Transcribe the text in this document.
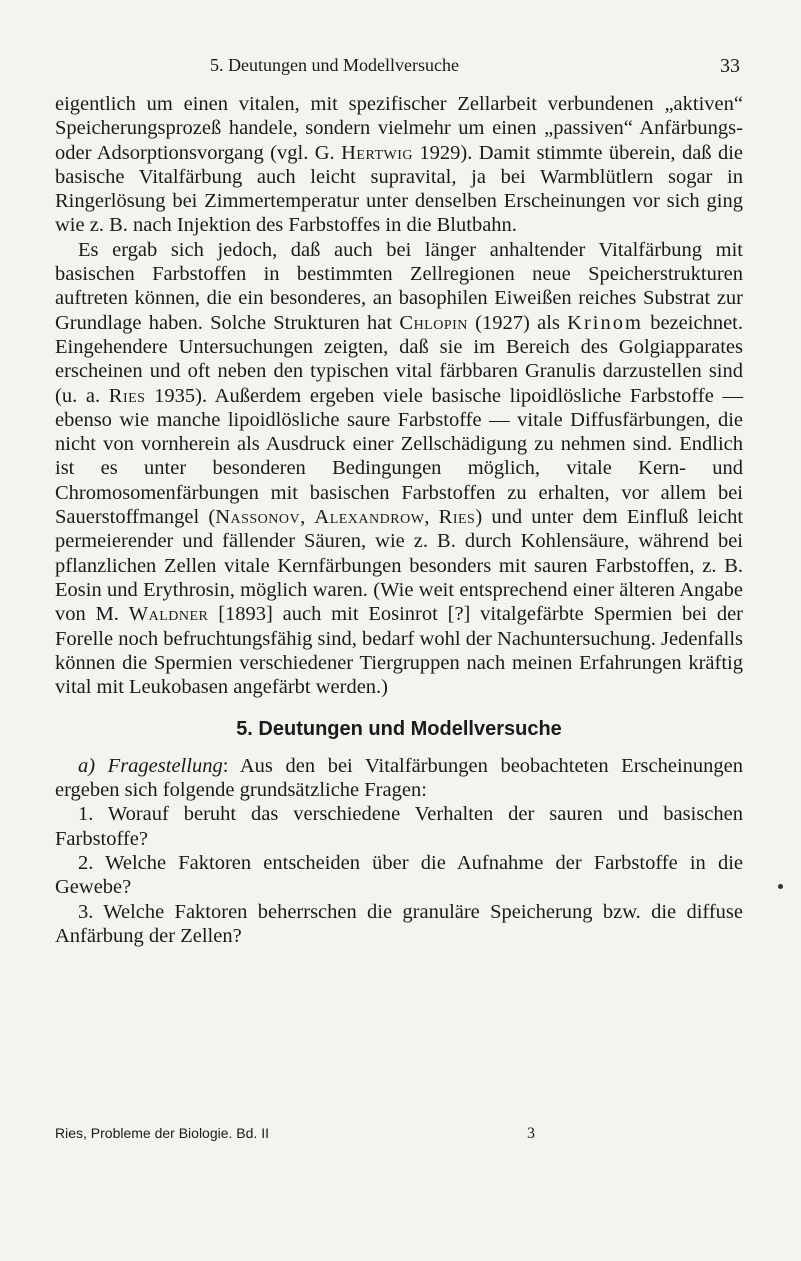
5. Deutungen und Modellversuche	33

eigentlich um einen vitalen, mit spezifischer Zellarbeit verbundenen „aktiven“ Speicherungsprozeß handele, sondern vielmehr um einen „passiven“ Anfärbungs- oder Adsorptionsvorgang (vgl. G. Hertwig 1929). Damit stimmte überein, daß die basische Vitalfärbung auch leicht supravital, ja bei Warmblütlern sogar in Ringerlösung bei Zimmertemperatur unter denselben Erscheinungen vor sich ging wie z. B. nach Injektion des Farbstoffes in die Blutbahn.

Es ergab sich jedoch, daß auch bei länger anhaltender Vitalfärbung mit basischen Farbstoffen in bestimmten Zellregionen neue Speicherstrukturen auftreten können, die ein besonderes, an basophilen Eiweißen reiches Substrat zur Grundlage haben. Solche Strukturen hat Chlopin (1927) als Krinom bezeichnet. Eingehendere Untersuchungen zeigten, daß sie im Bereich des Golgiapparates erscheinen und oft neben den typischen vital färbbaren Granulis darzustellen sind (u. a. Ries 1935). Außerdem ergeben viele basische lipoidlösliche Farbstoffe — ebenso wie manche lipoidlösliche saure Farbstoffe — vitale Diffusfärbungen, die nicht von vornherein als Ausdruck einer Zellschädigung zu nehmen sind. Endlich ist es unter besonderen Bedingungen möglich, vitale Kern- und Chromosomenfärbungen mit basischen Farbstoffen zu erhalten, vor allem bei Sauerstoffmangel (Nassonov, Alexandrow, Ries) und unter dem Einfluß leicht permeierender und fällender Säuren, wie z. B. durch Kohlensäure, während bei pflanzlichen Zellen vitale Kernfärbungen besonders mit sauren Farbstoffen, z. B. Eosin und Erythrosin, möglich waren. (Wie weit entsprechend einer älteren Angabe von M. Waldner [1893] auch mit Eosinrot [?] vitalgefärbte Spermien bei der Forelle noch befruchtungsfähig sind, bedarf wohl der Nachuntersuchung. Jedenfalls können die Spermien verschiedener Tiergruppen nach meinen Erfahrungen kräftig vital mit Leukobasen angefärbt werden.)

5. Deutungen und Modellversuche

a) Fragestellung: Aus den bei Vitalfärbungen beobachteten Erscheinungen ergeben sich folgende grundsätzliche Fragen:

1. Worauf beruht das verschiedene Verhalten der sauren und basischen Farbstoffe?

2. Welche Faktoren entscheiden über die Aufnahme der Farbstoffe in die Gewebe?

3. Welche Faktoren beherrschen die granuläre Speicherung bzw. die diffuse Anfärbung der Zellen?

Ries, Probleme der Biologie. Bd. II	3
